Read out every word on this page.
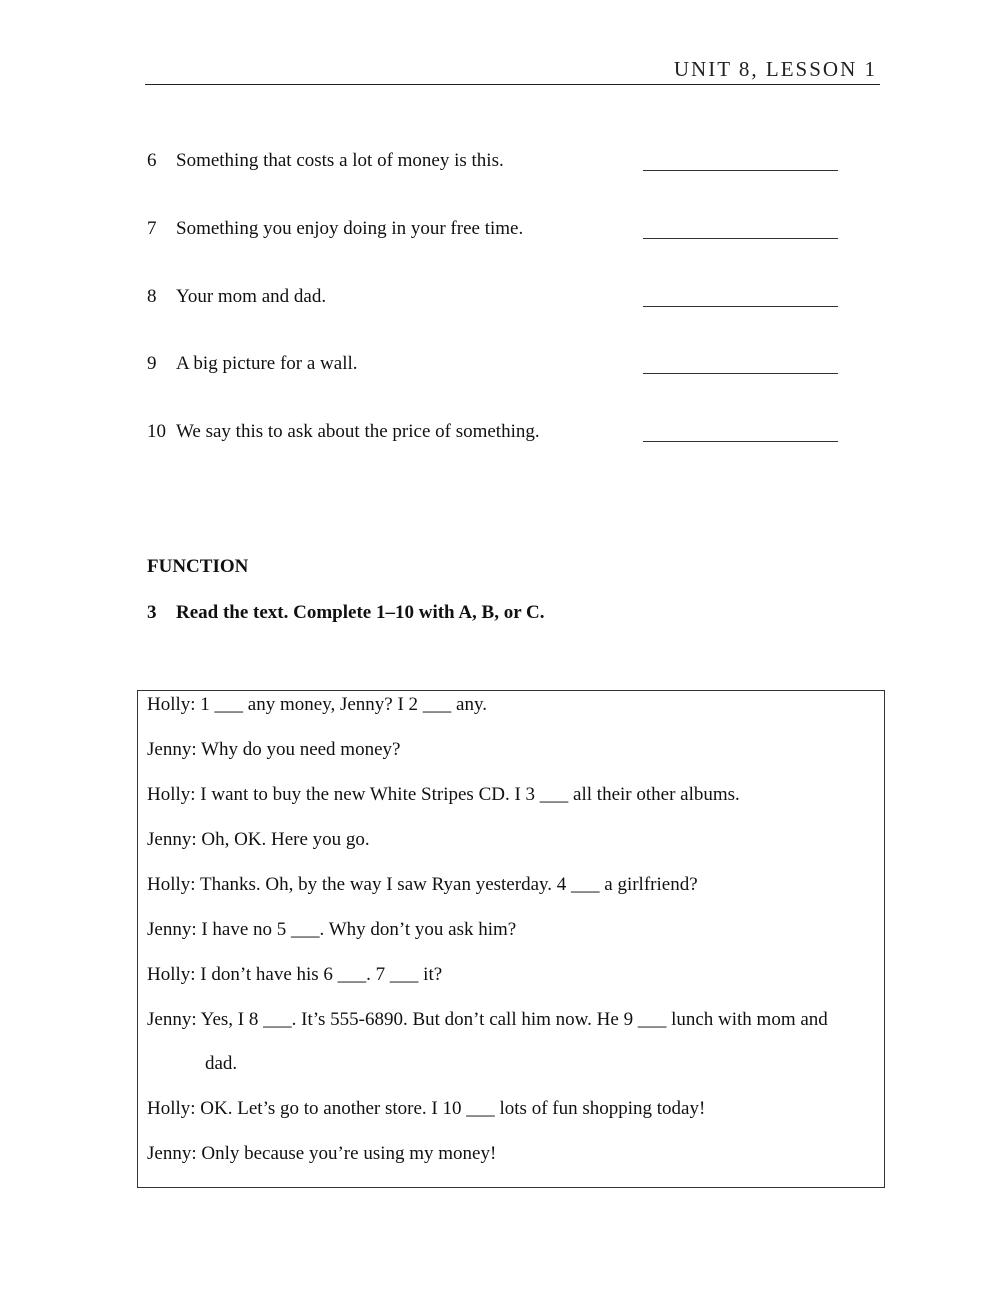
UNIT 8, LESSON 1
6 Something that costs a lot of money is this.
7 Something you enjoy doing in your free time.
8 Your mom and dad.
9 A big picture for a wall.
10 We say this to ask about the price of something.
FUNCTION
3 Read the text. Complete 1–10 with A, B, or C.
Holly: 1 ___ any money, Jenny? I 2 ___ any.
Jenny: Why do you need money?
Holly: I want to buy the new White Stripes CD. I 3 ___ all their other albums.
Jenny: Oh, OK. Here you go.
Holly: Thanks. Oh, by the way I saw Ryan yesterday. 4 ___ a girlfriend?
Jenny: I have no 5 ___. Why don’t you ask him?
Holly: I don’t have his 6 ___. 7 ___ it?
Jenny: Yes, I 8 ___. It’s 555-6890. But don’t call him now. He 9 ___ lunch with mom and
dad.
Holly: OK. Let’s go to another store. I 10 ___ lots of fun shopping today!
Jenny: Only because you’re using my money!
